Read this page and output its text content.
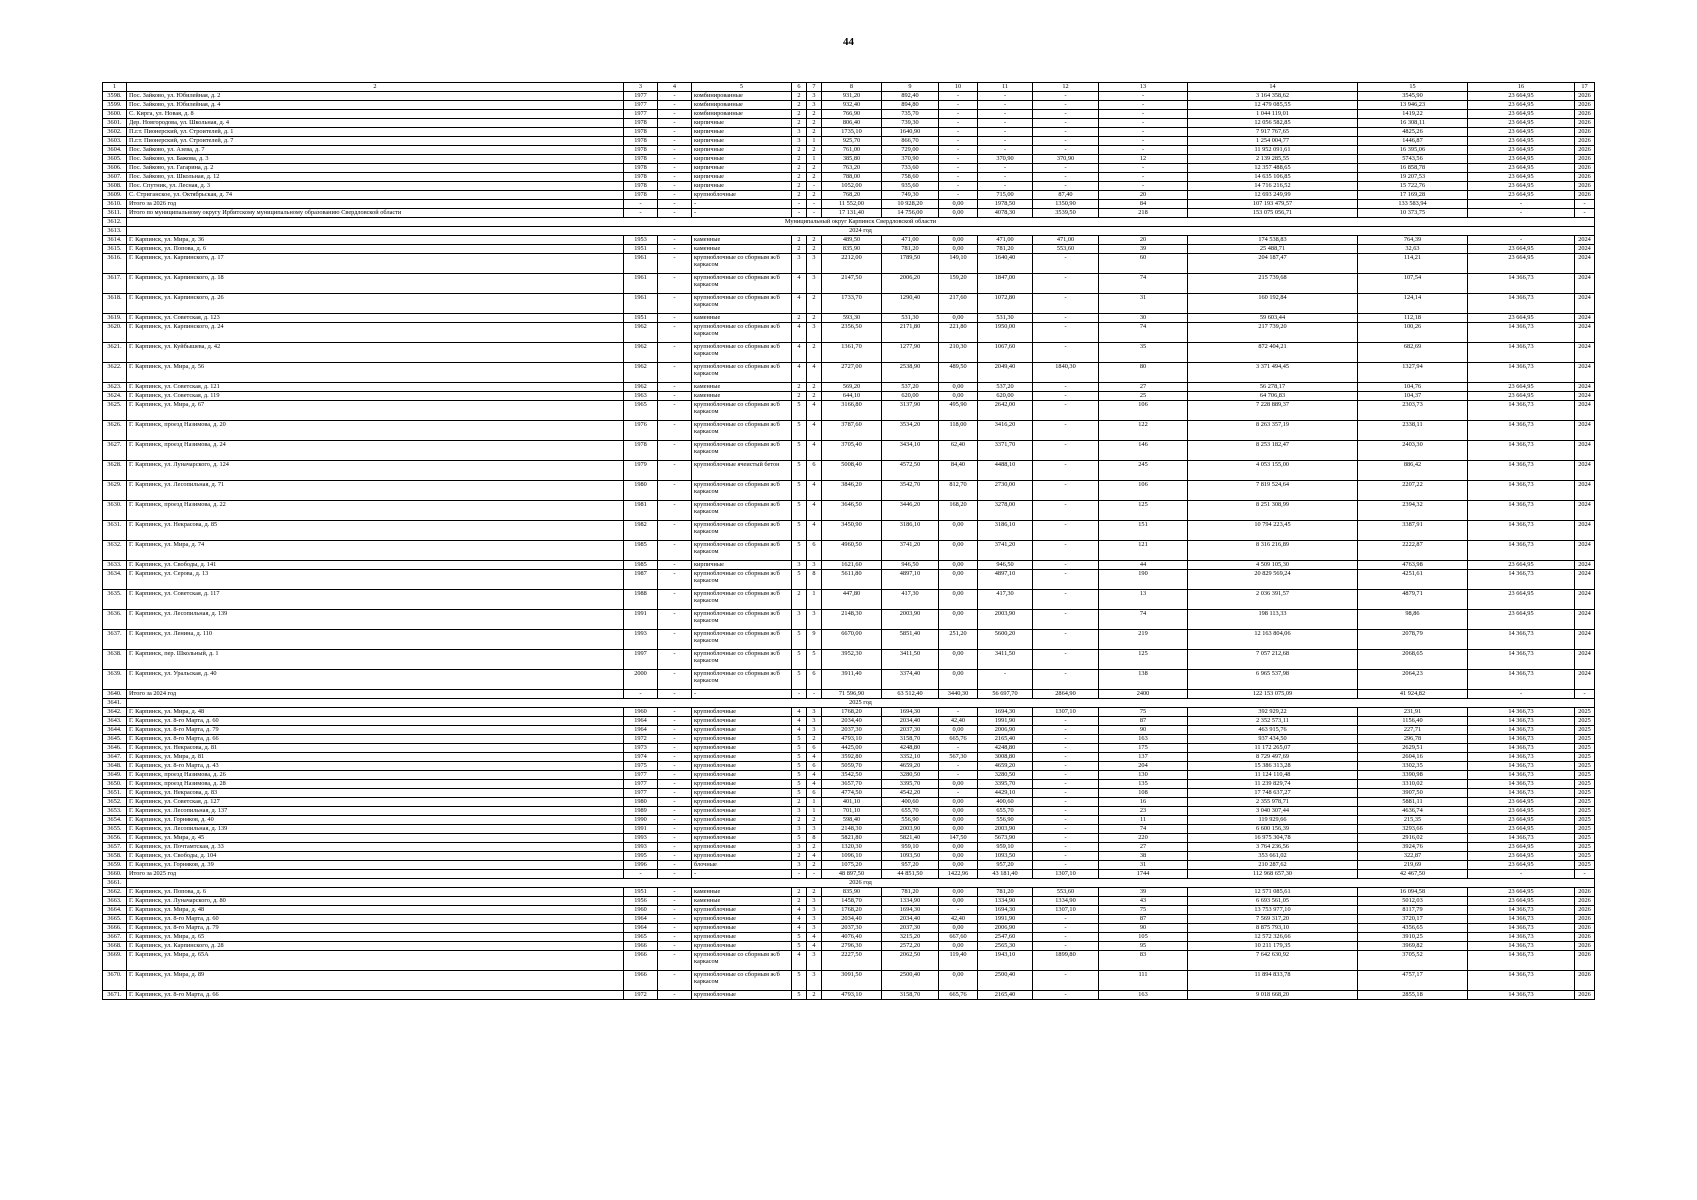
44
1	2	3	4	5	6	7	8	9	10	11	12	13	14	15	16	17
3598.	Пос. Зайково, ул. Юбилейная, д. 2	1977	-	комбинированные	2	3	931,20	892,40	-	-	-	-	3 164 358,62	3545,90	23 664,95	2026
3599.	Пос. Зайково, ул. Юбилейная, д. 4	1977	-	комбинированные	2	3	932,40	894,80	-	-	-	-	12 479 085,55	13 946,23	23 664,95	2026
3600.	С. Кирга, ул. Новая, д. 8	1977	-	комбинированные	2	2	766,90	735,70	-	-	-	-	1 044 119,01	1419,22	23 664,95	2026
3601.	Дер. Новгородова, ул. Школьная, д. 4	1978	-	кирпичные	2	2	806,40	739,30	-	-	-	-	12 056 582,85	16 308,11	23 664,95	2026
3602.	П.г.т. Пионерский, ул. Строителей, д. 1	1978	-	кирпичные	3	2	1735,10	1640,90	-	-	-	-	7 917 767,65	4825,26	23 664,95	2026
3603.	П.г.т. Пионерский, ул. Строителей, д. 7	1978	-	кирпичные	3	1	925,70	866,70	-	-	-	-	1 254 004,77	1446,87	23 664,95	2026
3604.	Пос. Зайково, ул. Азева, д. 7	1978	-	кирпичные	2	2	761,00	729,00	-	-	-	-	11 952 091,61	16 395,06	23 664,95	2026
3605.	Пос. Зайково, ул. Бажова, д. 3	1978	-	кирпичные	2	1	385,80	370,90	-	370,90	370,90	12	2 139 285,55	5743,56	23 664,95	2026
3606.	Пос. Зайково, ул. Гагарина, д. 2	1978	-	кирпичные	2	2	763,20	733,60	-	-	-	-	12 357 488,65	16 858,78	23 664,95	2026
3607.	Пос. Зайково, ул. Школьная, д. 12	1978	-	кирпичные	2	2	788,00	758,60	-	-	-	-	14 635 106,85	19 207,53	23 664,95	2026
3608.	Пос. Спутник, ул. Лесная, д. 3	1978	-	кирпичные	2	-	1052,00	935,60	-	-	-	-	14 716 216,52	15 722,76	23 664,95	2026
3609.	С. Стриганское, ул. Октябрьская, д. 74	1978	-	крупноблочные	2	2	768,20	749,30	-	715,00	87,40	20	12 693 249,99	17 169,28	23 664,95	2026
3610.	Итого за 2026 год	-	-	-	-	-	11 552,00	10 928,20	0,00	1978,50	1350,90	84	107 193 479,57	133 583,94	-	-
3611.	Итого по муниципальному округу Ирбитскому муниципальному образованию Свердловской области	-	-	-	-	-	17 131,40	14 756,00	0,00	4078,30	3539,50	218	153 075 056,71	10 373,75	-	-
3612.	Муниципальный округ Карпинск Свердловской области															
3613.	2024 год															
3614.	Г. Карпинск, ул. Мира, д. 36	1953	-	каменные	2	2	489,50	471,00	0,00	471,00	471,00	20	174 538,83	764,39	-	2024
3615.	Г. Карпинск, ул. Попова, д. 6	1951	-	каменные	2	2	835,90	781,20	0,00	781,20	553,60	39	25 488,71	32,63	23 664,95	2024
3616.	Г. Карпинск, ул. Карпинского, д. 17	1961	-	крупноблочные со сборным ж/б каркасом	3	3	2212,00	1789,50	149,10	1640,40	-	60	204 187,47	114,21	23 664,95	2024
3617.	Г. Карпинск, ул. Карпинского, д. 18	1961	-	крупноблочные со сборным ж/б каркасом	4	3	2147,50	2006,20	159,20	1847,00	-	74	215 739,68	107,54	14 366,73	2024
3618.	Г. Карпинск, ул. Карпинского, д. 26	1961	-	крупноблочные со сборным ж/б каркасом	4	2	1733,70	1290,40	217,60	1072,80	-	31	160 192,84	124,14	14 366,73	2024
3619.	Г. Карпинск, ул. Советская, д. 123	1951	-	каменные	2	2	593,30	531,30	0,00	531,30	-	30	59 603,44	112,18	23 664,95	2024
3620.	Г. Карпинск, ул. Карпинского, д. 24	1962	-	крупноблочные со сборным ж/б каркасом	4	3	2356,50	2171,80	221,80	1950,00	-	74	217 739,20	100,26	14 366,73	2024
3621.	Г. Карпинск, ул. Куйбышева, д. 42	1962	-	крупноблочные со сборным ж/б каркасом	4	2	1361,70	1277,90	210,30	1067,60	-	35	872 404,21	682,69	14 366,73	2024
3622.	Г. Карпинск, ул. Мира, д. 56	1962	-	крупноблочные со сборным ж/б каркасом	4	4	2727,00	2538,90	489,50	2049,40	1840,30	80	3 371 494,45	1327,94	14 366,73	2024
3623.	Г. Карпинск, ул. Советская, д. 121	1962	-	каменные	2	2	569,20	537,20	0,00	537,20	-	27	56 278,17	104,76	23 664,95	2024
3624.	Г. Карпинск, ул. Советская, д. 119	1963	-	каменные	2	2	644,10	620,00	0,00	620,00	-	25	64 706,83	104,37	23 664,95	2024
3625.	Г. Карпинск, ул. Мира, д. 67	1965	-	крупноблочные со сборным ж/б каркасом	5	4	3166,80	3137,90	495,90	2642,00	-	106	7 228 889,37	2303,73	14 366,73	2024
3626.	Г. Карпинск, проезд Назимова, д. 20	1976	-	крупноблочные со сборным ж/б каркасом	5	4	3787,60	3534,20	118,00	3416,20	-	122	8 263 357,19	2338,11	14 366,73	2024
3627.	Г. Карпинск, проезд Назимова, д. 24	1978	-	крупноблочные со сборным ж/б каркасом	5	4	3705,40	3434,10	62,40	3371,70	-	146	8 253 182,47	2403,30	14 366,73	2024
3628.	Г. Карпинск, ул. Луначарского, д. 124	1979	-	крупноблочные ячеистый бетон	5	6	5008,40	4572,50	84,40	4488,10	-	245	4 053 155,00	886,42	14 366,73	2024
3629.	Г. Карпинск, ул. Лесопильная, д. 71	1980	-	крупноблочные со сборным ж/б каркасом	5	4	3846,20	3542,70	812,70	2730,00	-	106	7 819 524,64	2207,22	14 366,73	2024
3630.	Г. Карпинск, проезд Назимова, д. 22	1981	-	крупноблочные со сборным ж/б каркасом	5	4	3646,50	3446,20	168,20	3278,00	-	125	8 251 308,99	2394,32	14 366,73	2024
3631.	Г. Карпинск, ул. Некрасова, д. 85	1982	-	крупноблочные со сборным ж/б каркасом	5	4	3450,90	3186,10	0,00	3186,10	-	151	10 794 223,45	3387,91	14 366,73	2024
3632.	Г. Карпинск, ул. Мира, д. 74	1985	-	крупноблочные со сборным ж/б каркасом	5	6	4960,50	3741,20	0,00	3741,20	-	121	8 316 216,89	2222,87	14 366,73	2024
3633.	Г. Карпинск, ул. Свободы, д. 141	1985	-	кирпичные	3	3	1621,60	946,50	0,00	946,50	-	44	4 509 105,30	4763,98	23 664,95	2024
3634.	Г. Карпинск, ул. Серова, д. 13	1987	-	крупноблочные со сборным ж/б каркасом	5	8	5611,80	4897,10	0,00	4897,10	-	190	20 829 569,24	4251,61	14 366,73	2024
3635.	Г. Карпинск, ул. Советская, д. 117	1988	-	крупноблочные со сборным ж/б каркасом	2	1	447,80	417,30	0,00	417,30	-	13	2 036 391,57	4879,71	23 664,95	2024
3636.	Г. Карпинск, ул. Лесопильная, д. 139	1991	-	крупноблочные со сборным ж/б каркасом	3	3	2148,30	2003,90	0,00	2003,90	-	74	198 113,33	98,86	23 664,95	2024
3637.	Г. Карпинск, ул. Ленина, д. 110	1993	-	крупноблочные со сборным ж/б каркасом	5	9	6670,00	5851,40	251,20	5600,20	-	219	12 163 804,06	2078,79	14 366,73	2024
3638.	Г. Карпинск, пер. Школьный, д. 1	1997	-	крупноблочные со сборным ж/б каркасом	5	5	3952,30	3411,50	0,00	3411,50	-	125	7 057 212,68	2068,65	14 366,73	2024
3639.	Г. Карпинск, ул. Уральская, д. 40	2000	-	крупноблочные со сборным ж/б каркасом	5	6	3911,40	3374,40	0,00	-	-	138	6 965 537,98	2064,23	14 366,73	2024
3640.	Итого за 2024 год	-	-	-	-	-	71 596,90	63 512,40	3440,30	56 697,70	2864,90	2400	122 153 075,09	41 924,82	-	-
3641.	2025 год															
3642.	Г. Карпинск, ул. Мира, д. 48	1960	-	крупноблочные	4	3	1768,20	1694,30	-	1694,30	1307,10	75	392 929,22	231,91	14 366,73	2025
3643.	Г. Карпинск, ул. 8-го Марта, д. 60	1964	-	крупноблочные	4	3	2034,40	2034,40	42,40	1991,90	-	87	2 352 573,11	1156,40	14 366,73	2025
3644.	Г. Карпинск, ул. 8-го Марта, д. 79	1964	-	крупноблочные	4	3	2037,30	2037,30	0,00	2006,90	-	90	463 915,76	227,71	14 366,73	2025
3645.	Г. Карпинск, ул. 8-го Марта, д. 66	1972	-	крупноблочные	5	2	4793,10	3158,70	665,76	2165,40	-	163	937 434,50	296,78	14 366,73	2025
3646.	Г. Карпинск, ул. Некрасова, д. 81	1973	-	крупноблочные	5	6	4425,00	4248,80	-	4248,80	-	175	11 172 265,07	2629,51	14 366,73	2025
3647.	Г. Карпинск, ул. Мира, д. 81	1974	-	крупноблочные	5	4	3592,80	3352,10	567,30	3008,80	-	137	8 729 497,69	2604,16	14 366,73	2025
3648.	Г. Карпинск, ул. 8-го Марта, д. 43	1975	-	крупноблочные	5	6	5059,70	4659,20	-	4659,20	-	204	15 386 313,28	3302,35	14 366,73	2025
3649.	Г. Карпинск, проезд Назимова, д. 26	1977	-	крупноблочные	5	4	3542,50	3280,50	-	3280,50	-	130	11 124 110,48	3390,98	14 366,73	2025
3650.	Г. Карпинск, проезд Назимова, д. 28	1977	-	крупноблочные	5	4	3657,70	3395,70	0,00	3395,70	-	135	11 239 829,74	3310,02	14 366,73	2025
3651.	Г. Карпинск, ул. Некрасова, д. 83	1977	-	крупноблочные	5	6	4774,50	4542,20	-	4429,10	-	108	17 748 637,27	3907,50	14 366,73	2025
3652.	Г. Карпинск, ул. Советская, д. 127	1980	-	крупноблочные	2	1	401,10	400,60	0,00	400,60	-	16	2 355 978,71	5881,11	23 664,95	2025
3653.	Г. Карпинск, ул. Лесопильная, д. 137	1989	-	крупноблочные	3	1	701,10	655,70	0,00	655,70	-	23	3 040 307,44	4636,74	23 664,95	2025
3654.	Г. Карпинск, ул. Горняков, д. 40	1990	-	крупноблочные	2	2	598,40	556,90	0,00	556,90	-	11	119 929,66	215,35	23 664,95	2025
3655.	Г. Карпинск, ул. Лесопильная, д. 139	1991	-	крупноблочные	3	3	2148,30	2003,90	0,00	2003,90	-	74	6 600 156,39	3293,66	23 664,95	2025
3656.	Г. Карпинск, ул. Мира, д. 45	1993	-	крупноблочные	5	8	5821,80	5821,40	147,50	5673,90	-	220	16 975 304,78	2916,02	14 366,73	2025
3657.	Г. Карпинск, ул. Почтамтская, д. 33	1993	-	крупноблочные	3	2	1320,30	959,10	0,00	959,10	-	27	3 764 236,56	3924,76	23 664,95	2025
3658.	Г. Карпинск, ул. Свободы, д. 104	1995	-	крупноблочные	2	4	1096,10	1093,50	0,00	1093,50	-	38	353 661,02	322,87	23 664,95	2025
3659.	Г. Карпинск, ул. Горняков, д. 39	1996	-	блочные	3	2	1075,20	957,20	0,00	957,20	-	31	210 287,62	219,69	23 664,95	2025
3660.	Итого за 2025 год	-	-	-	-	-	48 897,50	44 851,50	1422,96	43 181,40	1307,10	1744	112 968 657,30	42 467,50	-	-
3661.	2026 год															
3662.	Г. Карпинск, ул. Попова, д. 6	1951	-	каменные	2	2	835,90	781,20	0,00	781,20	553,60	39	12 571 085,61	16 094,58	23 664,95	2026
3663.	Г. Карпинск, ул. Луначарского, д. 80	1956	-	каменные	2	3	1458,70	1334,90	0,00	1334,90	1334,90	43	6 693 561,05	5012,03	23 664,95	2026
3664.	Г. Карпинск, ул. Мира, д. 48	1960	-	крупноблочные	4	3	1768,20	1694,30	-	1694,30	1307,10	75	13 753 977,10	8117,79	14 366,73	2026
3665.	Г. Карпинск, ул. 8-го Марта, д. 60	1964	-	крупноблочные	4	3	2034,40	2034,40	42,40	1991,90	-	87	7 569 317,20	3720,17	14 366,73	2026
3666.	Г. Карпинск, ул. 8-го Марта, д. 79	1964	-	крупноблочные	4	3	2037,30	2037,30	0,00	2006,90	-	90	8 875 793,10	4356,65	14 366,73	2026
3667.	Г. Карпинск, ул. Мира, д. 65	1965	-	крупноблочные	5	4	4076,40	3215,20	667,60	2547,60	-	105	12 572 326,66	3910,25	14 366,73	2026
3668.	Г. Карпинск, ул. Карпинского, д. 28	1966	-	крупноблочные	5	4	2796,30	2572,20	0,00	2565,30	-	95	10 211 179,35	3969,82	14 366,73	2026
3669.	Г. Карпинск, ул. Мира, д. 65А	1966	-	крупноблочные со сборным ж/б каркасом	4	3	2227,50	2062,50	119,40	1943,10	1899,80	83	7 642 630,92	3705,52	14 366,73	2026
3670.	Г. Карпинск, ул. Мира, д. 89	1966	-	крупноблочные со сборным ж/б каркасом	5	3	3091,50	2500,40	0,00	2500,40	-	111	11 894 833,78	4757,17	14 366,73	2026
3671.	Г. Карпинск, ул. 8-го Марта, д. 66	1972	-	крупноблочные	5	2	4793,10	3158,70	665,76	2165,40	-	163	9 018 668,20	2855,18	14 366,73	2026
